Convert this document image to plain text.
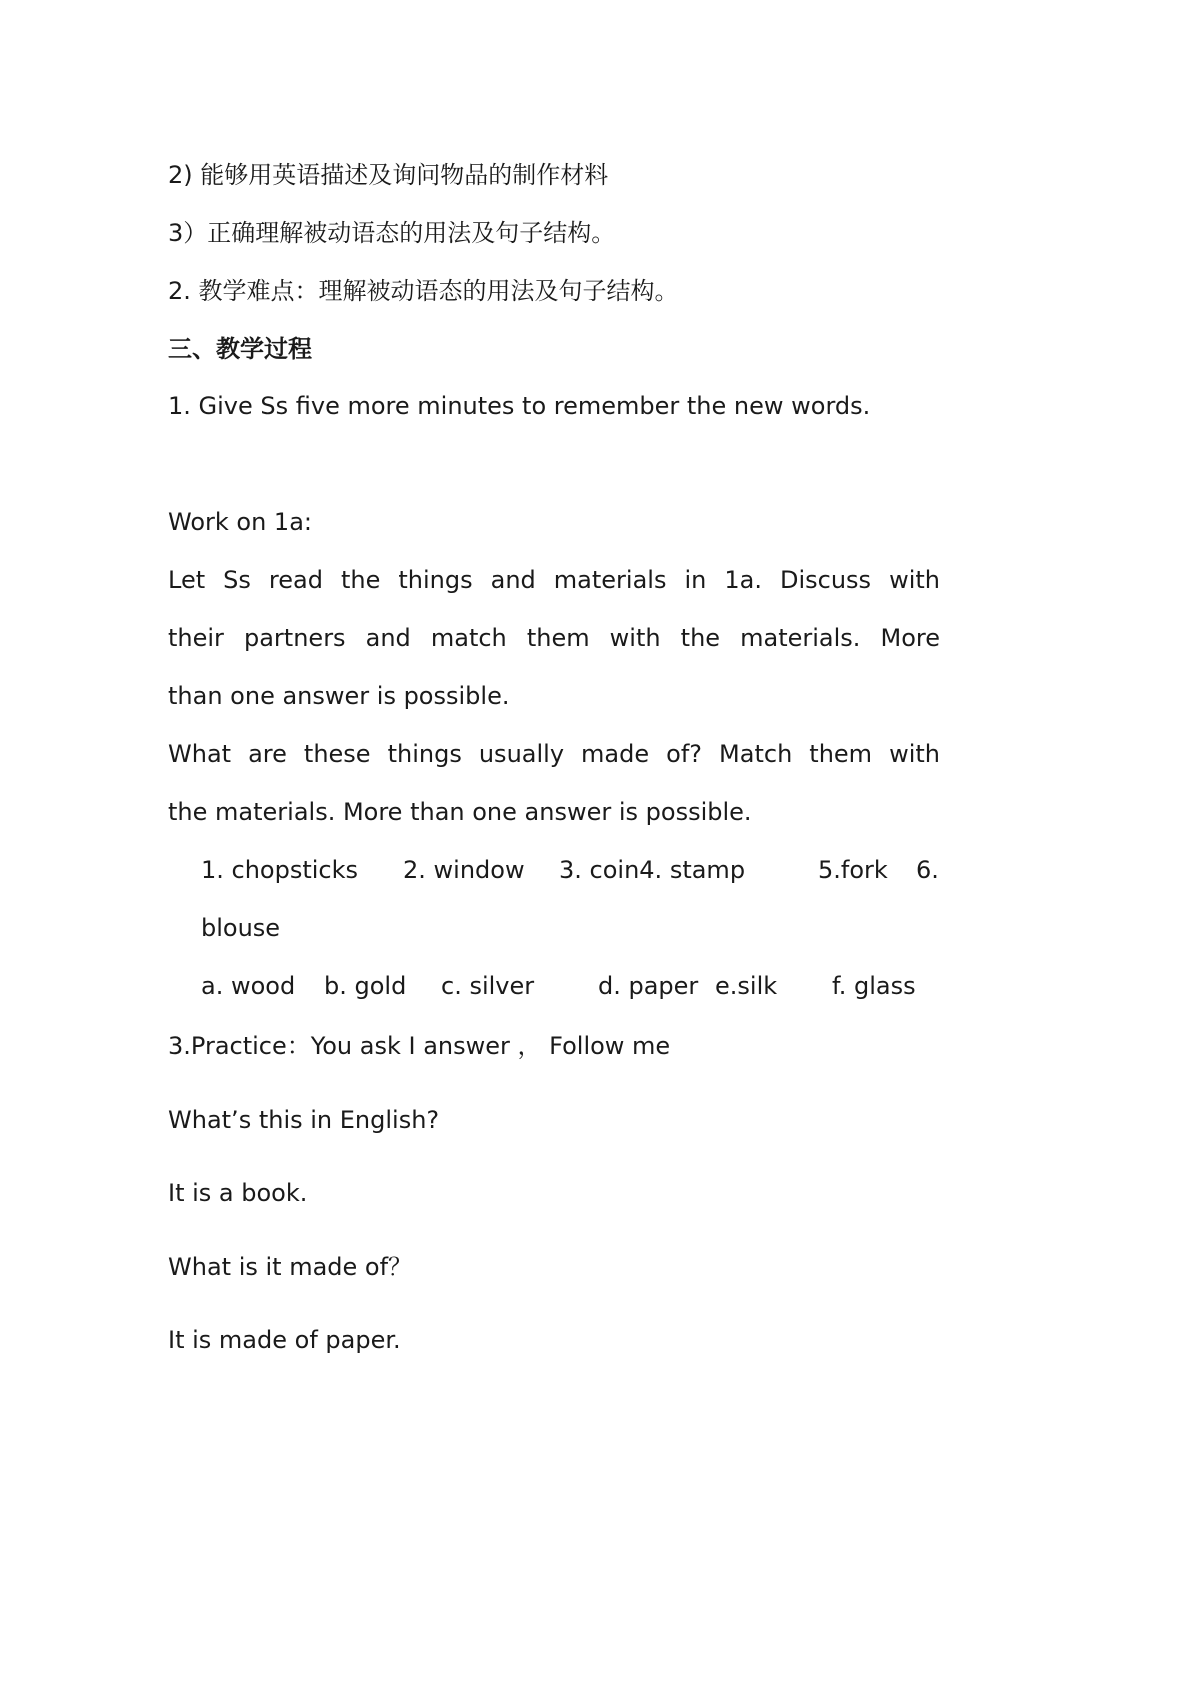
2) 能够用英语描述及询问物品的制作材料
3）正确理解被动语态的用法及句子结构。
2. 教学难点：理解被动语态的用法及句子结构。
三、教学过程
1. Give Ss five more minutes to remember the new words.
Work on 1a:
Let Ss read the things and materials in 1a. Discuss with
their partners and match them with the materials. More
than one answer is possible.
What are these things usually made of? Match them with
the materials. More than one answer is possible.
1. chopsticks 2. window 3. coin4. stamp	5.fork 6.
blouse
a. wood b. gold c. silver	d. paper e.silk f. glass
3.Practice：You ask I answer ， Follow me
What’s this in English?
It is a book.
What is it made of？
It is made of paper.
